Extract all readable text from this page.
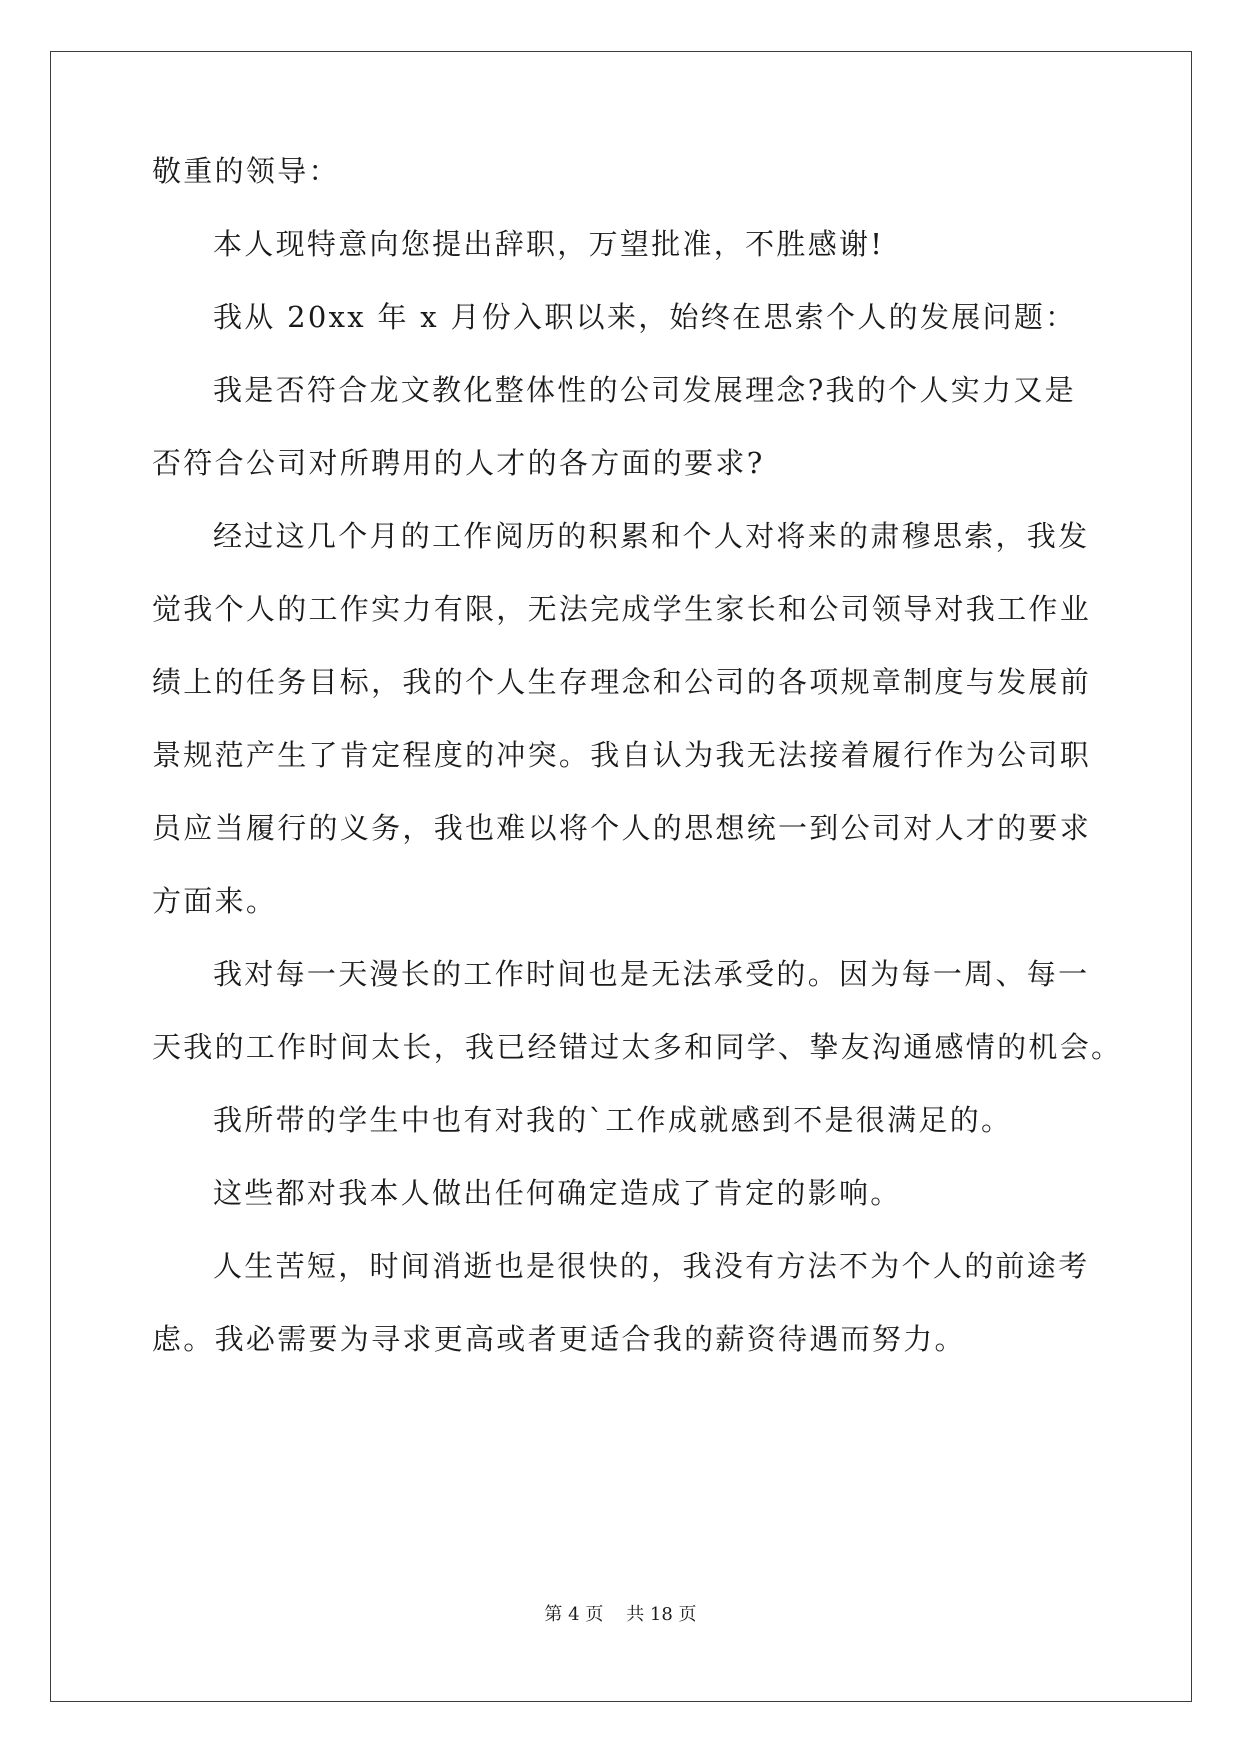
敬重的领导：
本人现特意向您提出辞职，万望批准，不胜感谢!
我从 20xx 年 x 月份入职以来，始终在思索个人的发展问题：
我是否符合龙文教化整体性的公司发展理念?我的个人实力又是
否符合公司对所聘用的人才的各方面的要求?
经过这几个月的工作阅历的积累和个人对将来的肃穆思索，我发
觉我个人的工作实力有限，无法完成学生家长和公司领导对我工作业
绩上的任务目标，我的个人生存理念和公司的各项规章制度与发展前
景规范产生了肯定程度的冲突。我自认为我无法接着履行作为公司职
员应当履行的义务，我也难以将个人的思想统一到公司对人才的要求
方面来。
我对每一天漫长的工作时间也是无法承受的。因为每一周、每一
天我的工作时间太长，我已经错过太多和同学、挚友沟通感情的机会。
我所带的学生中也有对我的`工作成就感到不是很满足的。
这些都对我本人做出任何确定造成了肯定的影响。
人生苦短，时间消逝也是很快的，我没有方法不为个人的前途考
虑。我必需要为寻求更高或者更适合我的薪资待遇而努力。
第 4 页    共 18 页
